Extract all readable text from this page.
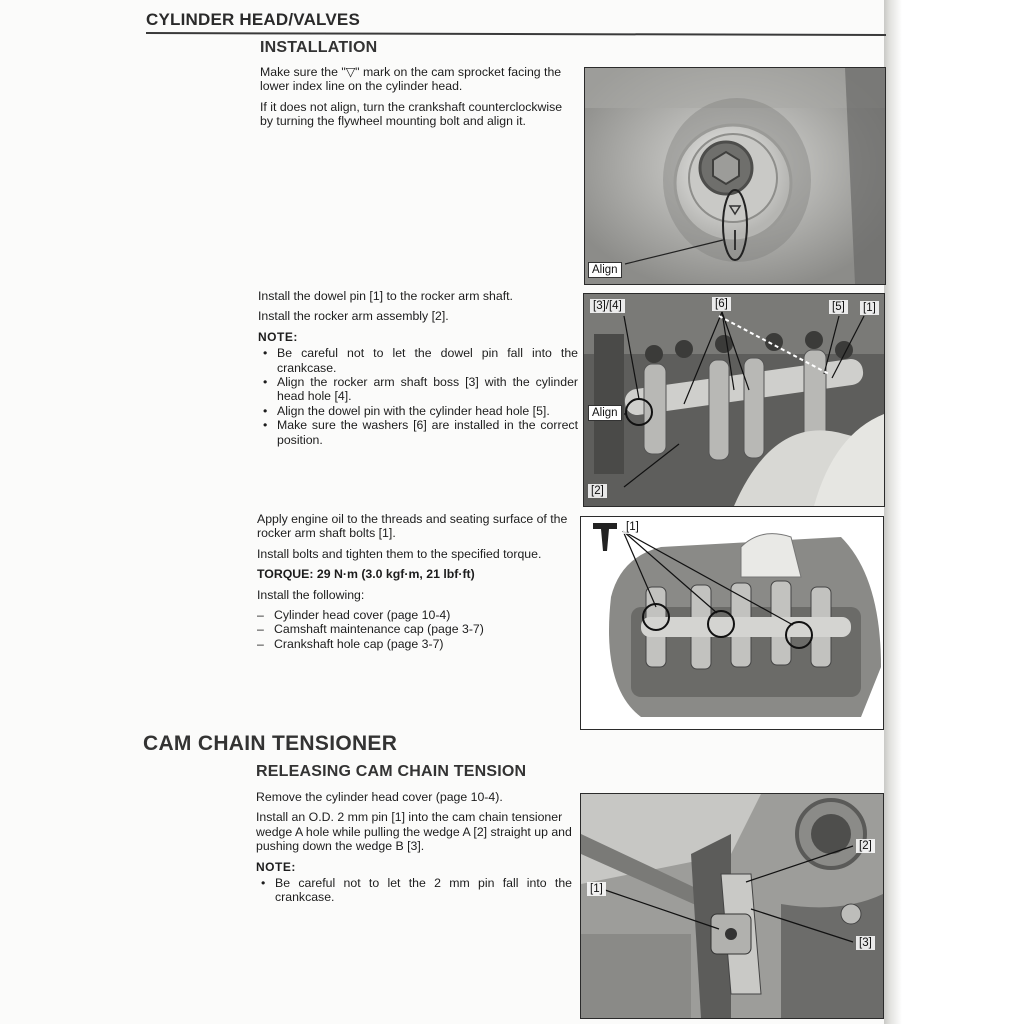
CYLINDER HEAD/VALVES
INSTALLATION

Make sure the "▽" mark on the cam sprocket facing the lower index line on the cylinder head.

If it does not align, turn the crankshaft counterclockwise by turning the flywheel mounting bolt and align it.

Align

Install the dowel pin [1] to the rocker arm shaft.

Install the rocker arm assembly [2].

NOTE:
• Be careful not to let the dowel pin fall into the crankcase.
• Align the rocker arm shaft boss [3] with the cylinder head hole [4].
• Align the dowel pin with the cylinder head hole [5].
• Make sure the washers [6] are installed in the correct position.
[3]/[4]	[6]	[5] [1]
Align
[2]

Apply engine oil to the threads and seating surface of the rocker arm shaft bolts [1].

Install bolts and tighten them to the specified torque.

TORQUE: 29 N·m (3.0 kgf·m, 21 lbf·ft)

Install the following:

– Cylinder head cover (page 10-4)
– Camshaft maintenance cap (page 3-7)
– Crankshaft hole cap (page 3-7)
[1]
CAM CHAIN TENSIONER
RELEASING CAM CHAIN TENSION

Remove the cylinder head cover (page 10-4).

Install an O.D. 2 mm pin [1] into the cam chain tensioner wedge A hole while pulling the wedge A [2] straight up and pushing down the wedge B [3].

NOTE:
• Be careful not to let the 2 mm pin fall into the crankcase.
[1]
[2]
[3]
